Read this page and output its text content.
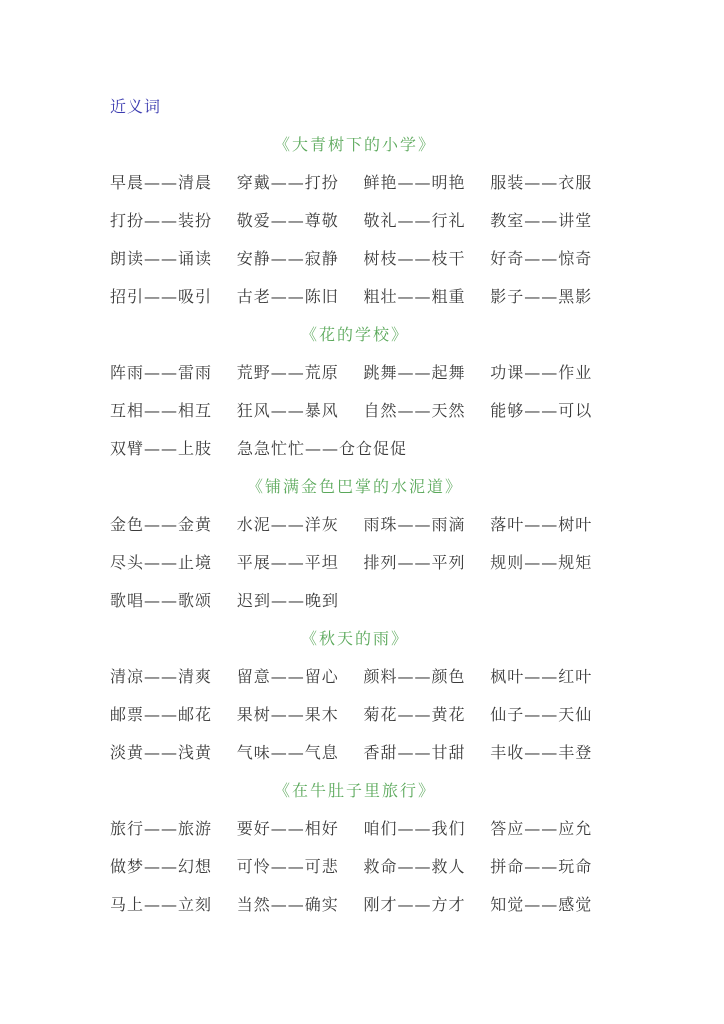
近义词
《大青树下的小学》
早晨——清晨	穿戴——打扮	鲜艳——明艳	服装——衣服
打扮——装扮	敬爱——尊敬	敬礼——行礼	教室——讲堂
朗读——诵读	安静——寂静	树枝——枝干	好奇——惊奇
招引——吸引	古老——陈旧	粗壮——粗重	影子——黑影
《花的学校》
阵雨——雷雨	荒野——荒原	跳舞——起舞	功课——作业
互相——相互	狂风——暴风	自然——天然	能够——可以
双臂——上肢	急急忙忙——仓仓促促
《铺满金色巴掌的水泥道》
金色——金黄	水泥——洋灰	雨珠——雨滴	落叶——树叶
尽头——止境	平展——平坦	排列——平列	规则——规矩
歌唱——歌颂	迟到——晚到
《秋天的雨》
清凉——清爽	留意——留心	颜料——颜色	枫叶——红叶
邮票——邮花	果树——果木	菊花——黄花	仙子——天仙
淡黄——浅黄	气味——气息	香甜——甘甜	丰收——丰登
《在牛肚子里旅行》
旅行——旅游	要好——相好	咱们——我们	答应——应允
做梦——幻想	可怜——可悲	救命——救人	拼命——玩命
马上——立刻	当然——确实	刚才——方才	知觉——感觉
